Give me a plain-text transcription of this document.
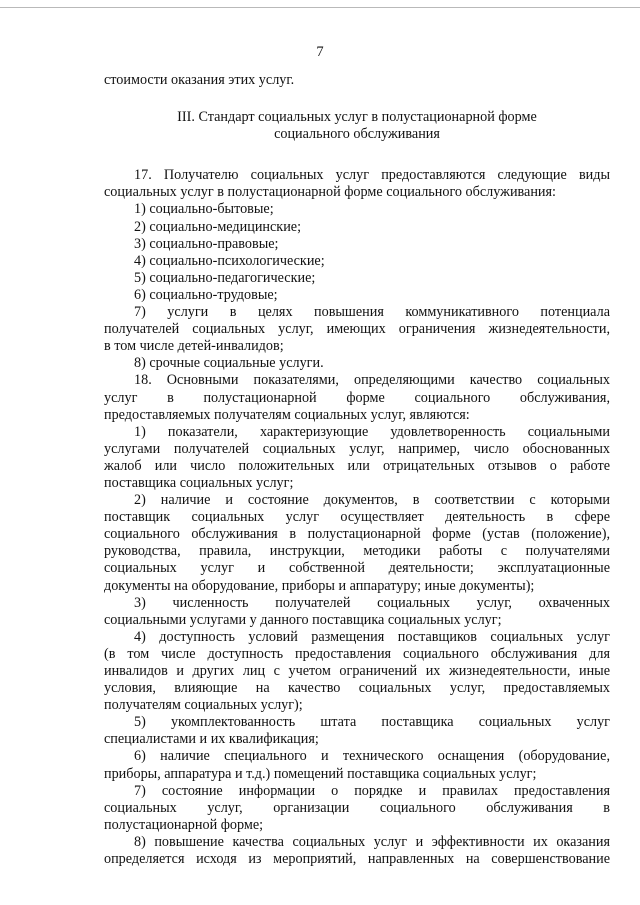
7
стоимости оказания этих услуг.
III. Стандарт социальных услуг в полустационарной форме
социального обслуживания
17. Получателю социальных услуг предоставляются следующие виды
социальных услуг в полустационарной форме социального обслуживания:
1) социально-бытовые;
2) социально-медицинские;
3) социально-правовые;
4) социально-психологические;
5) социально-педагогические;
6) социально-трудовые;
7) услуги в целях повышения коммуникативного потенциала
получателей социальных услуг, имеющих ограничения жизнедеятельности,
в том числе детей-инвалидов;
8) срочные социальные услуги.
18. Основными показателями, определяющими качество социальных
услуг в полустационарной форме социального обслуживания,
предоставляемых получателям социальных услуг, являются:
1) показатели, характеризующие удовлетворенность социальными
услугами получателей социальных услуг, например, число обоснованных
жалоб или число положительных или отрицательных отзывов о работе
поставщика социальных услуг;
2) наличие и состояние документов, в соответствии с которыми
поставщик социальных услуг осуществляет деятельность в сфере
социального обслуживания в полустационарной форме (устав (положение),
руководства, правила, инструкции, методики работы с получателями
социальных услуг и собственной деятельности; эксплуатационные
документы на оборудование, приборы и аппаратуру; иные документы);
3) численность получателей социальных услуг, охваченных
социальными услугами у данного поставщика социальных услуг;
4) доступность условий размещения поставщиков социальных услуг
(в том числе доступность предоставления социального обслуживания для
инвалидов и других лиц с учетом ограничений их жизнедеятельности, иные
условия, влияющие на качество социальных услуг, предоставляемых
получателям социальных услуг);
5) укомплектованность штата поставщика социальных услуг
специалистами и их квалификация;
6) наличие специального и технического оснащения (оборудование,
приборы, аппаратура и т.д.) помещений поставщика социальных услуг;
7) состояние информации о порядке и правилах предоставления
социальных услуг, организации социального обслуживания в
полустационарной форме;
8) повышение качества социальных услуг и эффективности их оказания
определяется исходя из мероприятий, направленных на совершенствование
